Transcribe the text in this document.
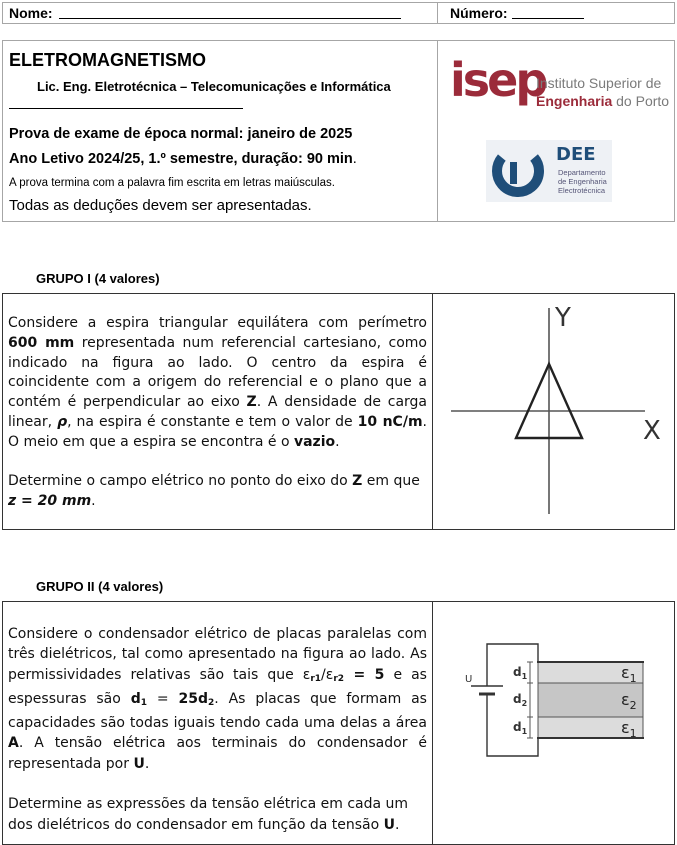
Nome:	Número:
ELETROMAGNETISMO
Lic. Eng. Eletrotécnica – Telecomunicações e Informática
Prova de exame de época normal: janeiro de 2025
Ano Letivo 2024/25, 1.º semestre, duração: 90 min.
A prova termina com a palavra fim escrita em letras maiúsculas.
Todas as deduções devem ser apresentadas.
isep
Instituto Superior de
Engenharia do Porto
DEE
Departamento
de Engenharia
Electrotécnica
GRUPO I (4 valores)

Considere a espira triangular equilátera com perímetro 600 mm representada num referencial cartesiano, como indicado na figura ao lado. O centro da espira é coincidente com a origem do referencial e o plano que a contém é perpendicular ao eixo Z. A densidade de carga linear, ρ, na espira é constante e tem o valor de 10 nC/m. O meio em que a espira se encontra é o vazio.

Determine o campo elétrico no ponto do eixo do Z em que z = 20 mm.

Y
X
GRUPO II (4 valores)

Considere o condensador elétrico de placas paralelas com três dielétricos, tal como apresentado na figura ao lado. As permissividades relativas são tais que $\varepsilon_{r1}/\varepsilon_{r2} = 5$ e as espessuras são $d_1 = 25d_2$. As placas que formam as capacidades são todas iguais tendo cada uma delas a área A. A tensão elétrica aos terminais do condensador é representada por U.

Determine as expressões da tensão elétrica em cada um dos dielétricos do condensador em função da tensão U.

U
$d_1$
$d_2$
$d_1$
$\varepsilon_1$
$\varepsilon_2$
$\varepsilon_1$
